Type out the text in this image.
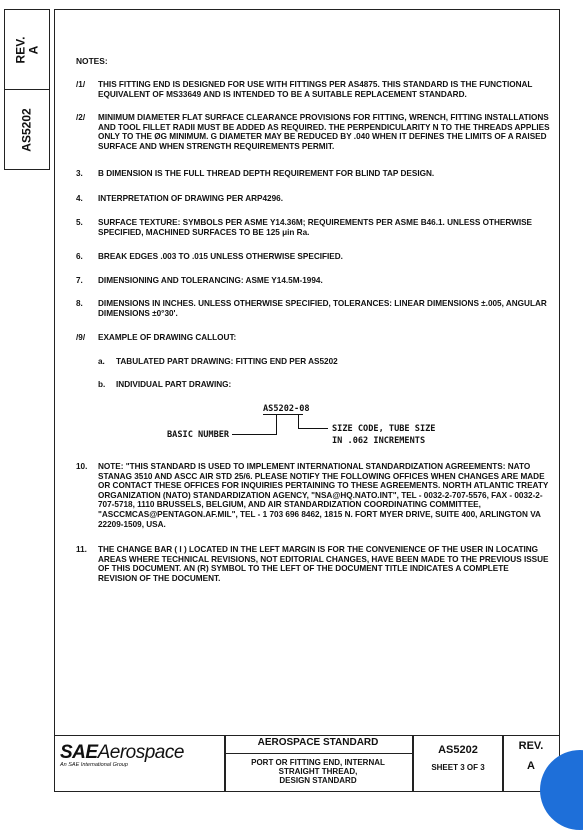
REV. A
AS5202
NOTES:
/1/	THIS FITTING END IS DESIGNED FOR USE WITH FITTINGS PER AS4875. THIS STANDARD IS THE FUNCTIONAL EQUIVALENT OF MS33649 AND IS INTENDED TO BE A SUITABLE REPLACEMENT STANDARD.
/2/	MINIMUM DIAMETER FLAT SURFACE CLEARANCE PROVISIONS FOR FITTING, WRENCH, FITTING INSTALLATIONS AND TOOL FILLET RADII MUST BE ADDED AS REQUIRED. THE PERPENDICULARITY N TO THE THREADS APPLIES ONLY TO THE ØG MINIMUM. G DIAMETER MAY BE REDUCED BY .040 WHEN IT DEFINES THE LIMITS OF A RAISED SURFACE AND WHEN STRENGTH REQUIREMENTS PERMIT.
3.	B DIMENSION IS THE FULL THREAD DEPTH REQUIREMENT FOR BLIND TAP DESIGN.
4.	INTERPRETATION OF DRAWING PER ARP4296.
5.	SURFACE TEXTURE: SYMBOLS PER ASME Y14.36M; REQUIREMENTS PER ASME B46.1. UNLESS OTHERWISE SPECIFIED, MACHINED SURFACES TO BE 125 μin Ra.
6.	BREAK EDGES .003 TO .015 UNLESS OTHERWISE SPECIFIED.
7.	DIMENSIONING AND TOLERANCING: ASME Y14.5M-1994.
8.	DIMENSIONS IN INCHES. UNLESS OTHERWISE SPECIFIED, TOLERANCES: LINEAR DIMENSIONS ±.005, ANGULAR DIMENSIONS ±0°30'.
/9/	EXAMPLE OF DRAWING CALLOUT:
a. TABULATED PART DRAWING: FITTING END PER AS5202
b. INDIVIDUAL PART DRAWING:
AS5202-08
BASIC NUMBER
SIZE CODE, TUBE SIZE
IN .062 INCREMENTS
10.	NOTE: "THIS STANDARD IS USED TO IMPLEMENT INTERNATIONAL STANDARDIZATION AGREEMENTS: NATO STANAG 3510 AND ASCC AIR STD 25/6. PLEASE NOTIFY THE FOLLOWING OFFICES WHEN CHANGES ARE MADE OR CONTACT THESE OFFICES FOR INQUIRIES PERTAINING TO THESE AGREEMENTS. NORTH ATLANTIC TREATY ORGANIZATION (NATO) STANDARDIZATION AGENCY, "NSA@HQ.NATO.INT", TEL - 0032-2-707-5576, FAX - 0032-2-707-5718, 1110 BRUSSELS, BELGIUM, AND AIR STANDARDIZATION COORDINATING COMMITTEE, "ASCCMCAS@PENTAGON.AF.MIL", TEL - 1 703 696 8462, 1815 N. FORT MYER DRIVE, SUITE 400, ARLINGTON VA 22209-1509, USA.
11.	THE CHANGE BAR ( I ) LOCATED IN THE LEFT MARGIN IS FOR THE CONVENIENCE OF THE USER IN LOCATING AREAS WHERE TECHNICAL REVISIONS, NOT EDITORIAL CHANGES, HAVE BEEN MADE TO THE PREVIOUS ISSUE OF THIS DOCUMENT. AN (R) SYMBOL TO THE LEFT OF THE DOCUMENT TITLE INDICATES A COMPLETE REVISION OF THE DOCUMENT.
SAEAerospace
An SAE International Group
AEROSPACE STANDARD
PORT OR FITTING END, INTERNAL
STRAIGHT THREAD,
DESIGN STANDARD
AS5202
SHEET 3 OF 3
REV.
A
